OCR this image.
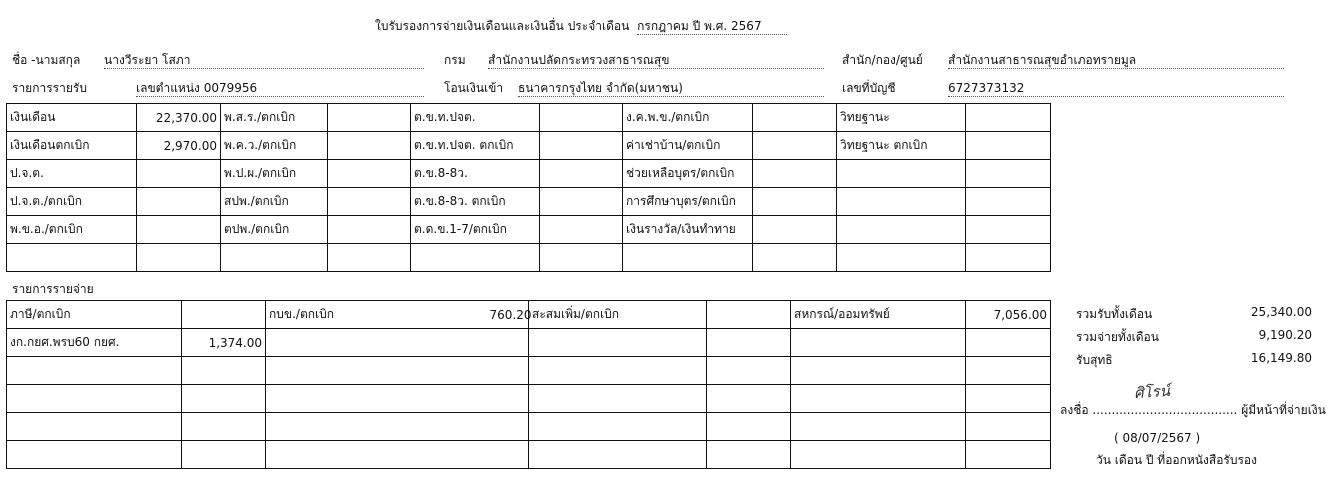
ใบรับรองการจ่ายเงินเดือนและเงินอื่น ประจำเดือน กรกฎาคม ปี พ.ศ. 2567
ชื่อ -นามสกุล นางวีระยา โสภา	กรม สำนักงานปลัดกระทรวงสาธารณสุข	สำนัก/กอง/ศูนย์ สำนักงานสาธารณสุขอำเภอทรายมูล
รายการรายรับ	เลขตำแหน่ง 0079956	โอนเงินเข้า ธนาคารกรุงไทย จำกัด(มหาชน)	เลขที่บัญชี	6727373132
เงินเดือน	22,370.00	พ.ส.ร./ตกเบิก		ต.ข.ท.ปจต.		ง.ค.พ.ข./ตกเบิก		วิทยฐานะ	
เงินเดือนตกเบิก	2,970.00	พ.ค.ว./ตกเบิก		ต.ข.ท.ปจต. ตกเบิก		ค่าเช่าบ้าน/ตกเบิก		วิทยฐานะ ตกเบิก	
ป.จ.ต.		พ.ป.ผ./ตกเบิก		ต.ข.8-8ว.		ช่วยเหลือบุตร/ตกเบิก			
ป.จ.ต./ตกเบิก		สปพ./ตกเบิก		ต.ข.8-8ว. ตกเบิก		การศึกษาบุตร/ตกเบิก			
พ.ข.อ./ตกเบิก		ตปพ./ตกเบิก		ต.ด.ข.1-7/ตกเบิก		เงินรางวัล/เงินทำทาย			

รายการรายจ่าย
ภาษี/ตกเบิก		กบข./ตกเบิก	760.20	สะสมเพิ่ม/ตกเบิก		สหกรณ์/ออมทรัพย์	7,056.00
งก.กยศ.พรบ60 กยศ.	1,374.00						

รวมรับทั้งเดือน	25,340.00
รวมจ่ายทั้งเดือน	9,190.20
รับสุทธิ	16,149.80
ศิโรน์
ลงชื่อ ...................................... ผู้มีหน้าที่จ่ายเงิน
( 08/07/2567 )
วัน เดือน ปี ที่ออกหนังสือรับรอง
